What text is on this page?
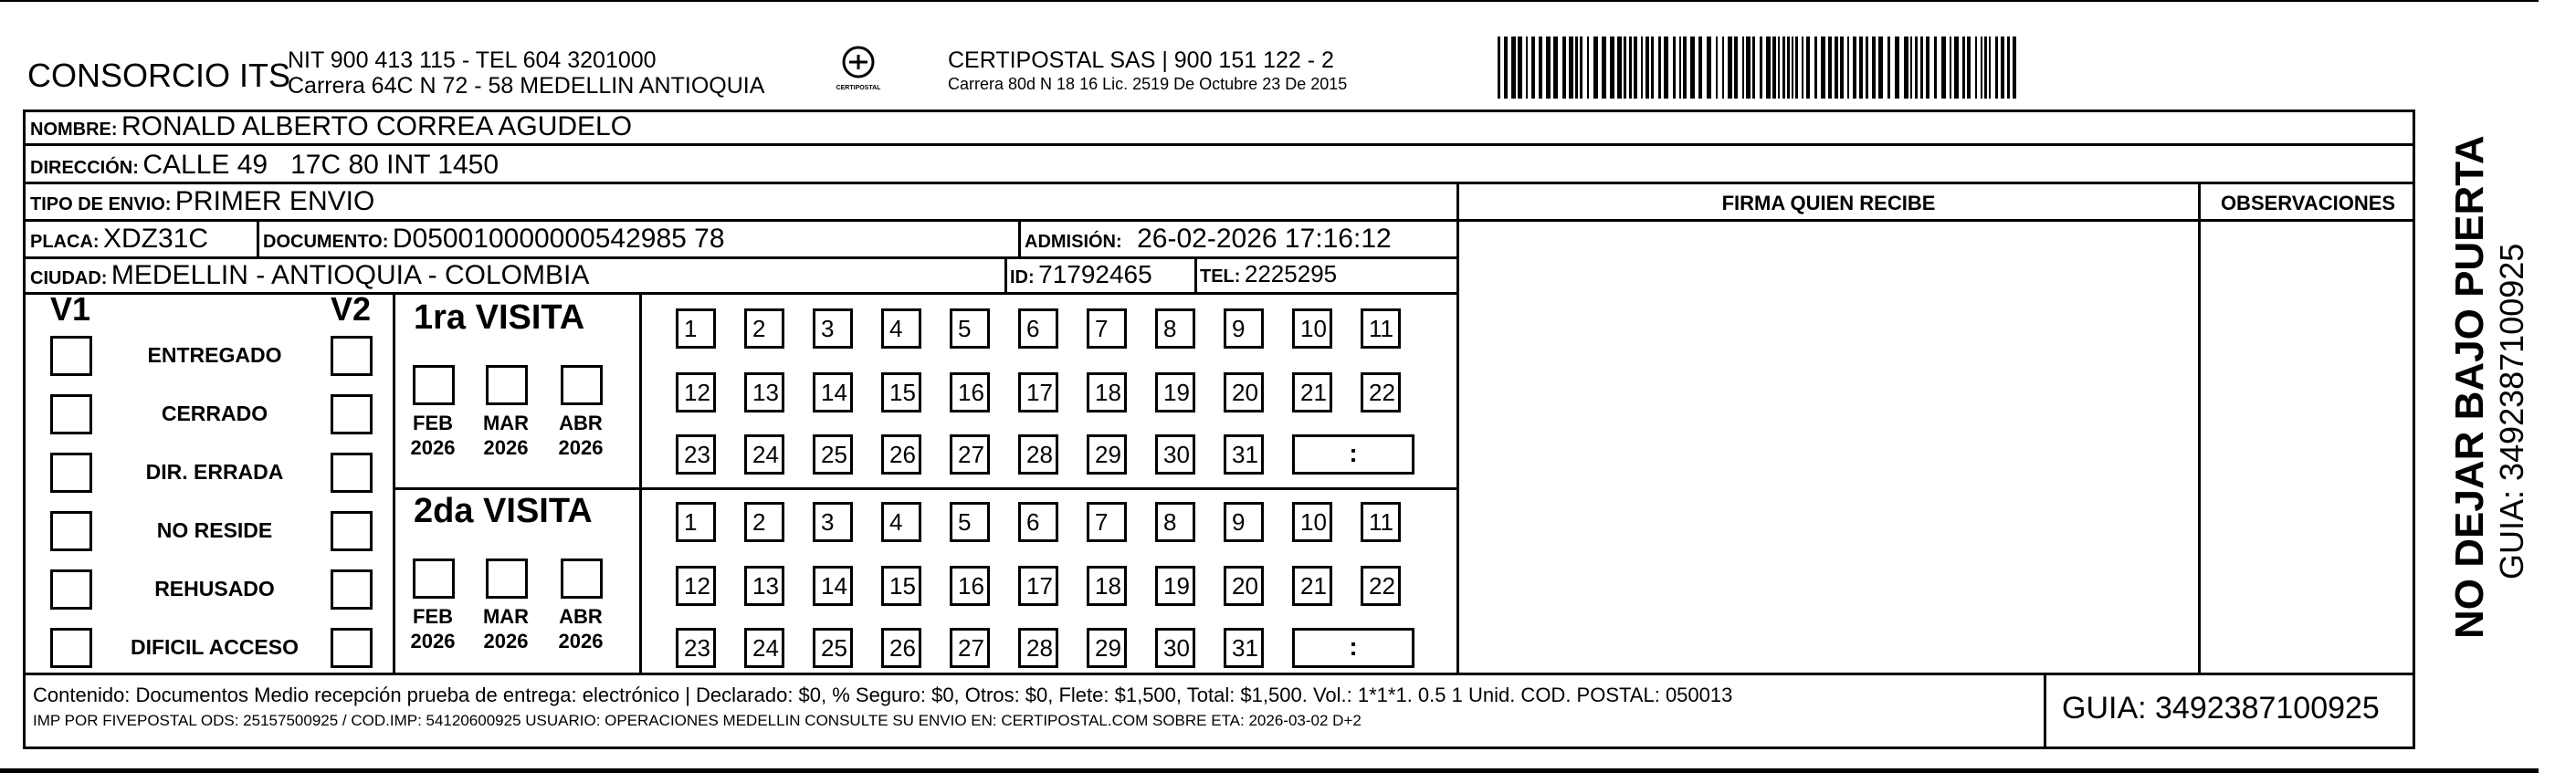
CONSORCIO ITS
NIT 900 413 115 - TEL 604 3201000
Carrera 64C N 72 - 58 MEDELLIN ANTIOQUIA	CERTIPOSTAL
CERTIPOSTAL SAS | 900 151 122 - 2
Carrera 80d N 18 16 Lic. 2519 De Octubre 23 De 2015
NOMBRE: RONALD ALBERTO CORREA AGUDELO
DIRECCIÓN: CALLE 49   17C 80 INT 1450
TIPO DE ENVIO: PRIMER ENVIO	FIRMA QUIEN RECIBE	OBSERVACIONES
PLACA: XDZ31C	DOCUMENTO: D050010000000542985 78	ADMISIÓN: 26-02-2026 17:16:12
CIUDAD: MEDELLIN - ANTIOQUIA - COLOMBIA	ID: 71792465	TEL: 2225295
V1	V2
ENTREGADO
CERRADO
DIR. ERRADA
NO RESIDE
REHUSADO
DIFICIL ACCESO
1ra VISITA
2da VISITA
FEB
2026
MAR
2026
ABR
2026
FEB
2026
MAR
2026
ABR
2026
1	2	3	4	5	6	7	8	9	10	11
12	13	14	15	16	17	18	19	20	21	22
23	24	25	26	27	28	29	30	31	:
1	2	3	4	5	6	7	8	9	10	11
12	13	14	15	16	17	18	19	20	21	22
23	24	25	26	27	28	29	30	31	:
Contenido: Documentos Medio recepción prueba de entrega: electrónico | Declarado: $0, % Seguro: $0, Otros: $0, Flete: $1,500, Total: $1,500. Vol.: 1*1*1. 0.5 1 Unid. COD. POSTAL: 050013
IMP POR FIVEPOSTAL ODS: 25157500925 / COD.IMP: 54120600925 USUARIO: OPERACIONES MEDELLIN CONSULTE SU ENVIO EN: CERTIPOSTAL.COM SOBRE ETA: 2026-03-02 D+2	GUIA: 3492387100925
NO DEJAR BAJO PUERTA GUIA: 3492387100925
